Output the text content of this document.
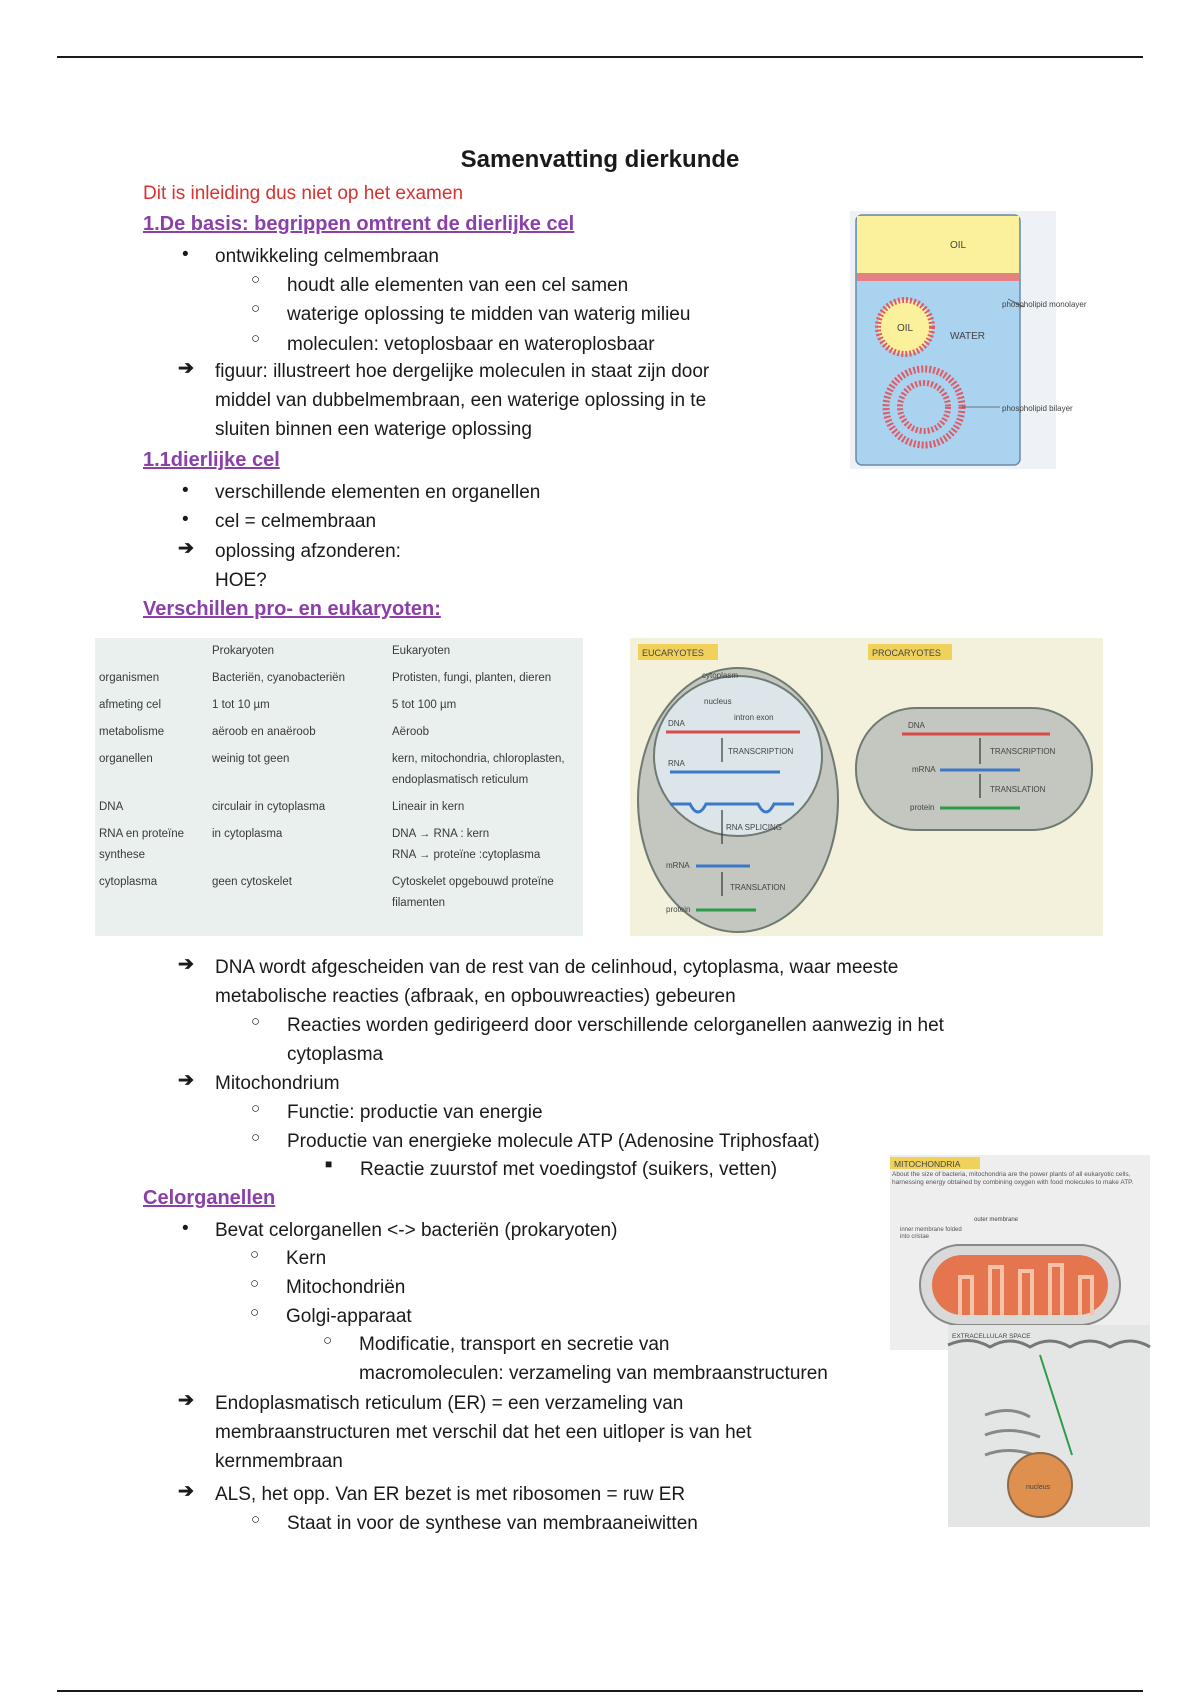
Samenvatting dierkunde
Dit is inleiding dus niet op het examen
1.De basis: begrippen omtrent de dierlijke cel
• ontwikkeling celmembraan
○ houdt alle elementen van een cel samen
○ waterige oplossing te midden van waterig milieu
○ moleculen: vetoplosbaar en wateroplosbaar
➔ figuur: illustreert hoe dergelijke moleculen in staat zijn door
middel van dubbelmembraan, een waterige oplossing in te
sluiten binnen een waterige oplossing
OIL
OIL
WATER
phospholipid monolayer
phospholipid bilayer
1.1dierlijke cel
• verschillende elementen en organellen
• cel = celmembraan
➔ oplossing afzonderen:
HOE?
Verschillen pro- en eukaryoten:
	Prokaryoten	Eukaryoten
organismen	Bacteriën, cyanobacteriën	Protisten, fungi, planten, dieren
afmeting cel	1 tot 10 µm	5 tot 100 µm
metabolisme	aëroob en anaëroob	Aëroob
organellen	weinig tot geen	kern, mitochondria, chloroplasten, endoplasmatisch reticulum
DNA	circulair in cytoplasma	Lineair in kern
RNA en proteïne synthese	in cytoplasma	DNA → RNA : kern
RNA → proteïne :cytoplasma

cytoplasma	geen cytoskelet	Cytoskelet opgebouwd proteïne filamenten
EUCARYOTES	PROCARYOTES
cytoplasm
nucleus
DNA
intron exon
TRANSCRIPTION
RNA
RNA SPLICING
mRNA
TRANSLATION
protein
DNA
TRANSCRIPTION
mRNA
TRANSLATION
protein
➔ DNA wordt afgescheiden van de rest van de celinhoud, cytoplasma, waar meeste
metabolische reacties (afbraak, en opbouwreacties) gebeuren
○ Reacties worden gedirigeerd door verschillende celorganellen aanwezig in het
cytoplasma
➔ Mitochondrium
○ Functie: productie van energie
○ Productie van energieke molecule ATP (Adenosine Triphosfaat)
■ Reactie zuurstof met voedingstof (suikers, vetten)	MITOCHONDRIA
About the size of bacteria, mitochondria are the power plants of all eukaryotic cells, harnessing energy obtained by combining oxygen with food molecules to make ATP.
outer membrane
inner membrane folded into cristae
EXTRACELLULAR SPACE
nucleus
Celorganellen
• Bevat celorganellen <-> bacteriën (prokaryoten)
○ Kern
○ Mitochondriën
○ Golgi-apparaat
○ Modificatie, transport en secretie van
macromoleculen: verzameling van membraanstructuren
➔ Endoplasmatisch reticulum (ER) = een verzameling van
membraanstructuren met verschil dat het een uitloper is van het
kernmembraan
➔ ALS, het opp. Van ER bezet is met ribosomen = ruw ER
○ Staat in voor de synthese van membraaneiwitten
